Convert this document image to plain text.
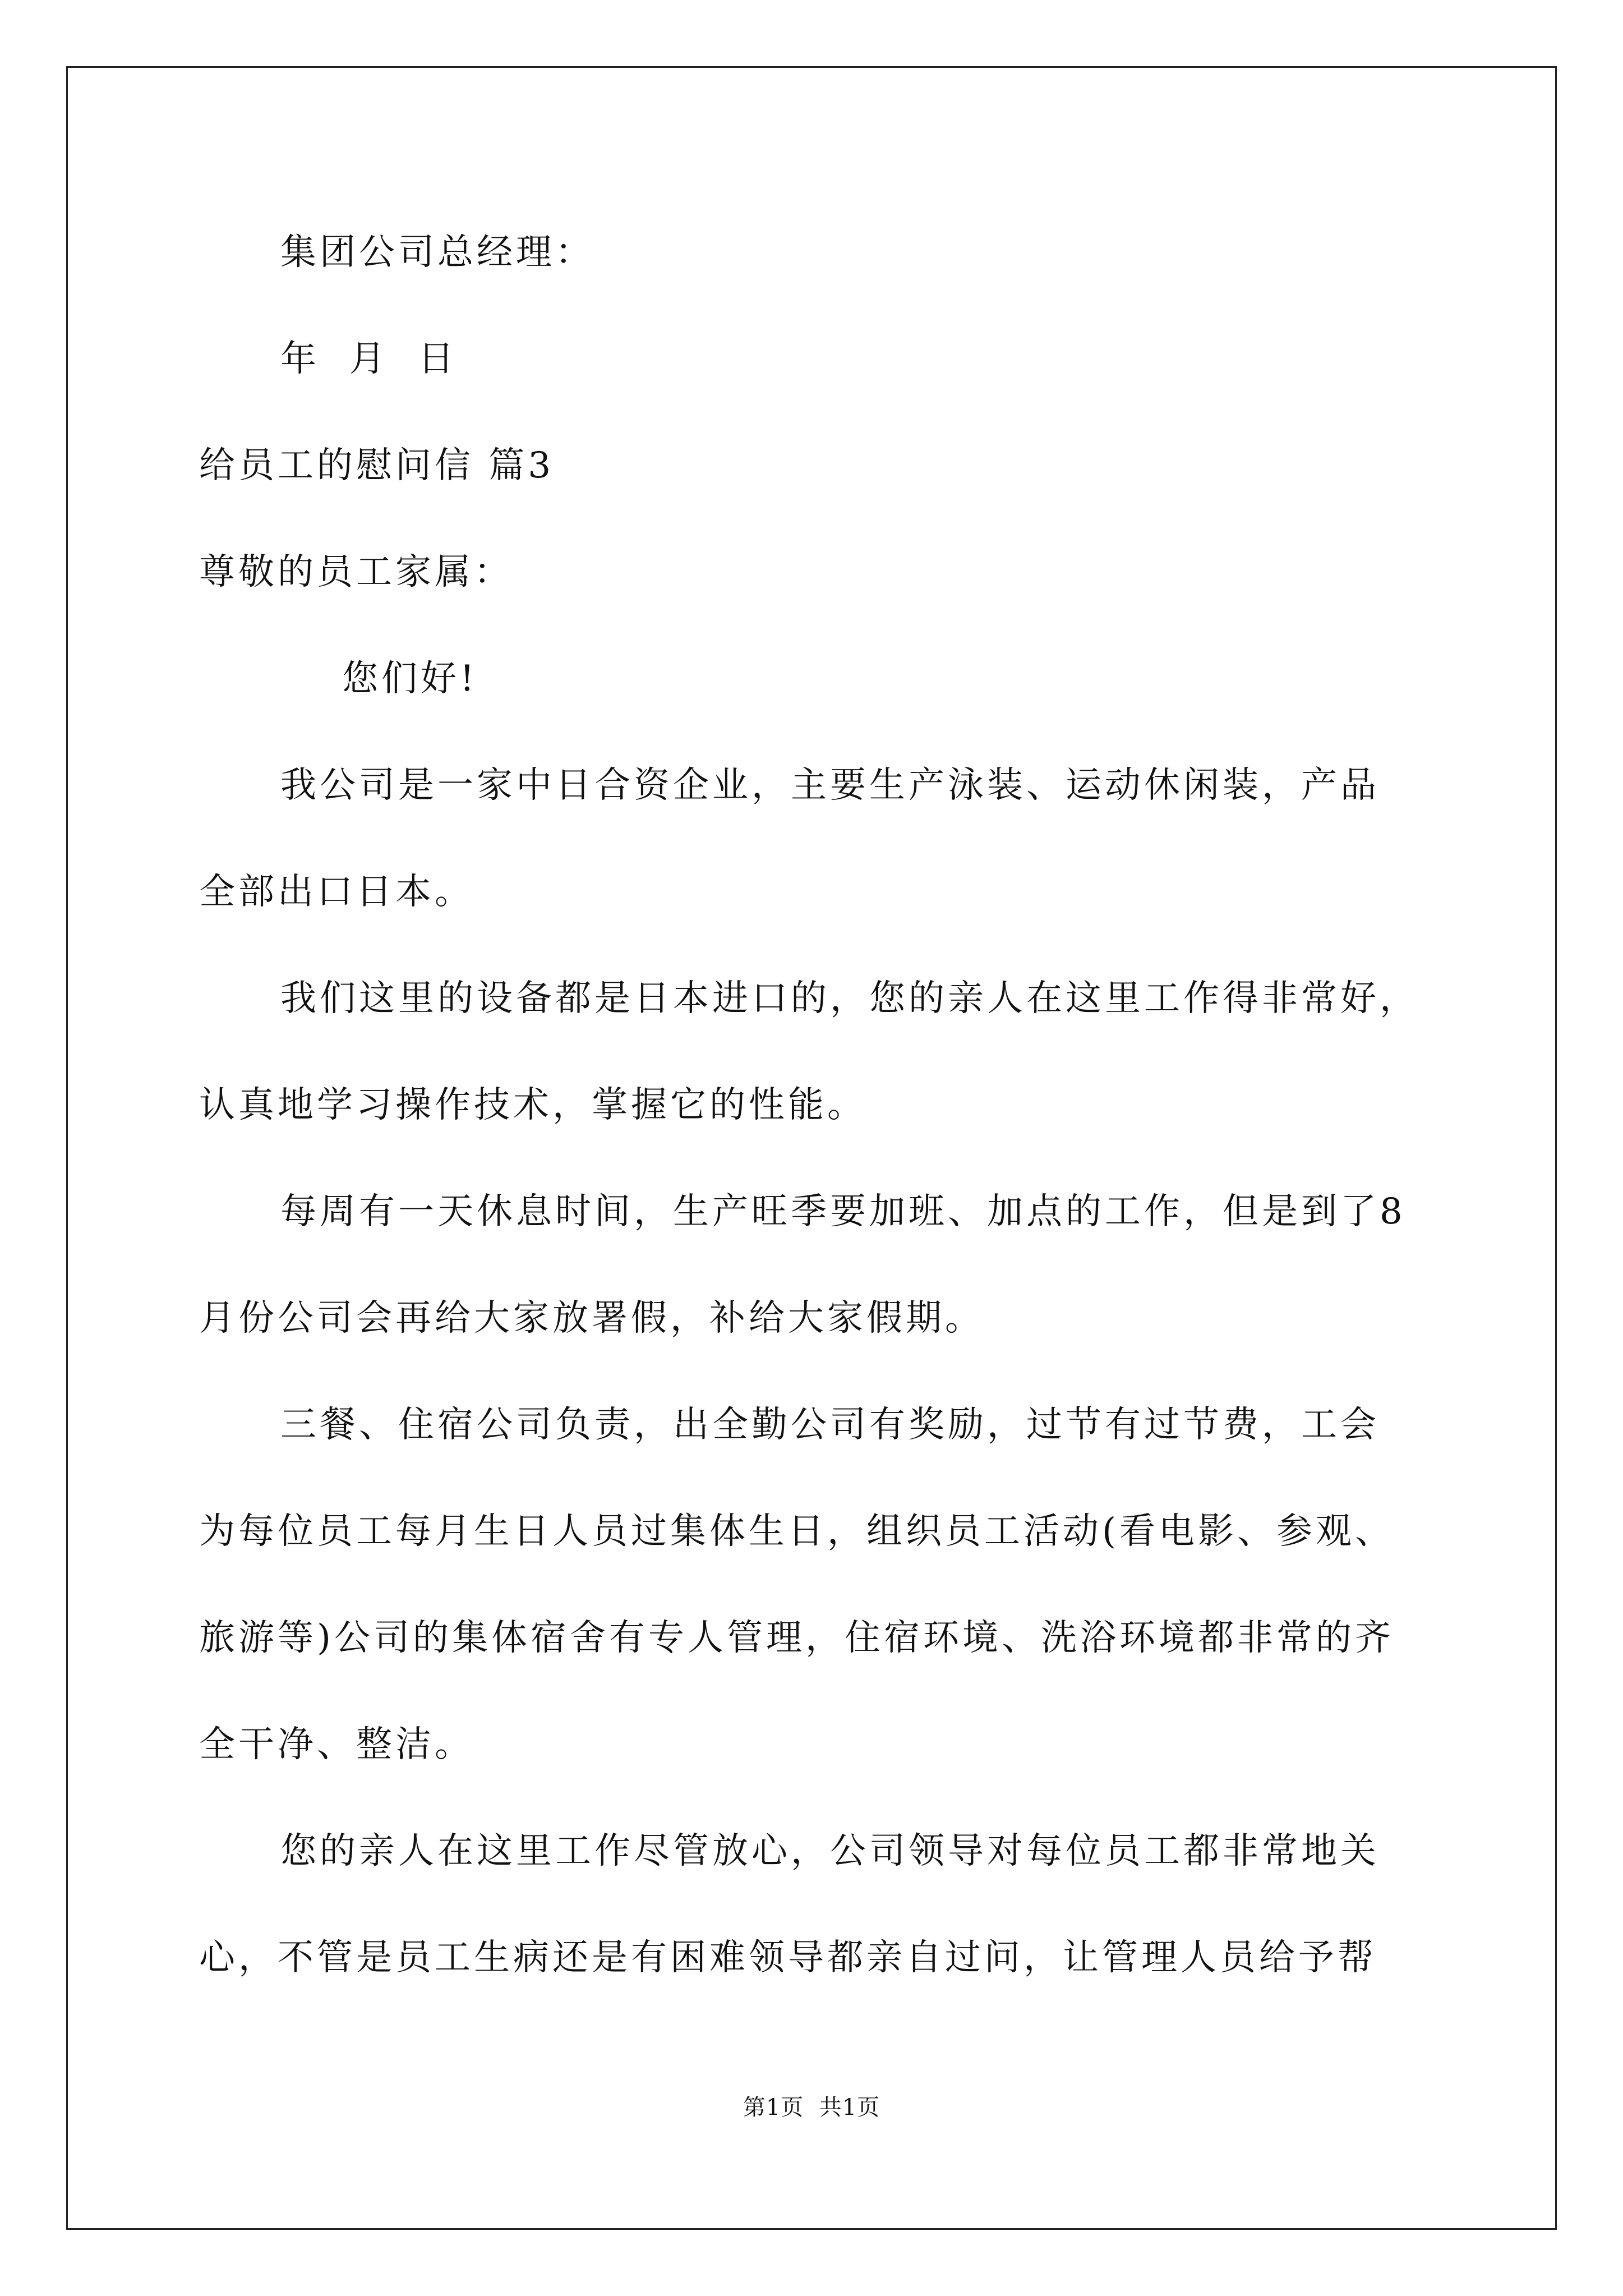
集团公司总经理：
年  月  日
给员工的慰问信 篇3
尊敬的员工家属：
您们好!
我公司是一家中日合资企业，主要生产泳装、运动休闲装，产品
全部出口日本。
我们这里的设备都是日本进口的，您的亲人在这里工作得非常好，
认真地学习操作技术，掌握它的性能。
每周有一天休息时间，生产旺季要加班、加点的工作，但是到了8
月份公司会再给大家放署假，补给大家假期。
三餐、住宿公司负责，出全勤公司有奖励，过节有过节费，工会
为每位员工每月生日人员过集体生日，组织员工活动(看电影、参观、
旅游等)公司的集体宿舍有专人管理，住宿环境、洗浴环境都非常的齐
全干净、整洁。
您的亲人在这里工作尽管放心，公司领导对每位员工都非常地关
心，不管是员工生病还是有困难领导都亲自过问，让管理人员给予帮
第1页  共1页
